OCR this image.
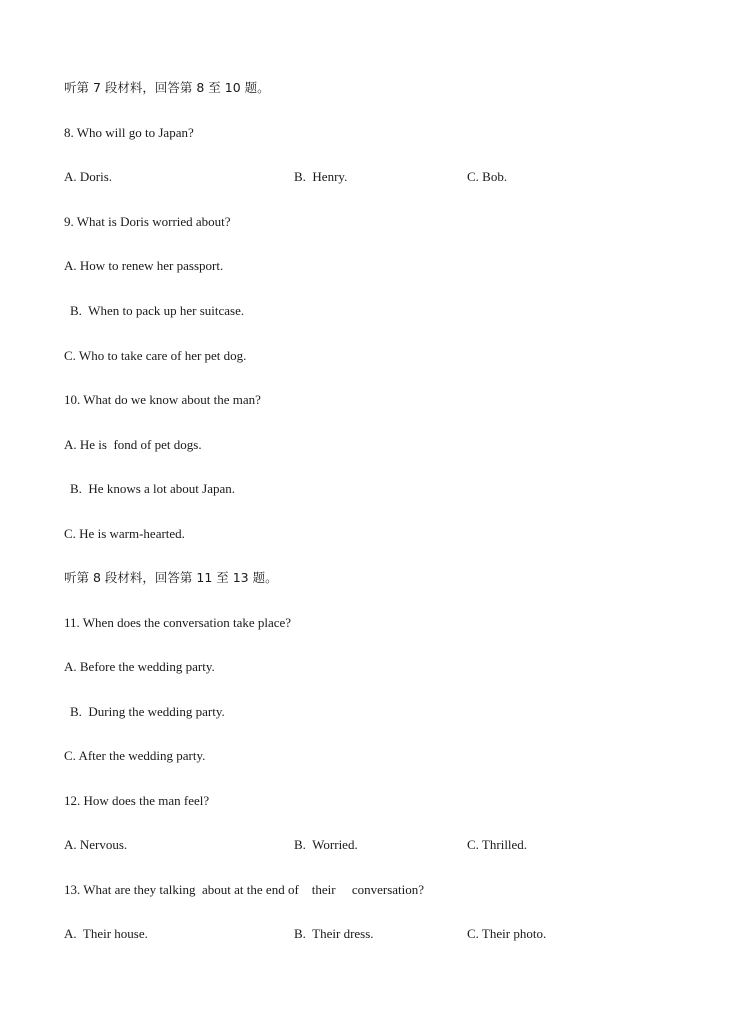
听第 7 段材料，回答第 8 至 10 题。
8. Who will go to Japan?
A. Doris.	B.  Henry.	C. Bob.
9. What is Doris worried about?
A. How to renew her passport.
B.  When to pack up her suitcase.
C. Who to take care of her pet dog.
10. What do we know about the man?
A. He is  fond of pet dogs.
B.  He knows a lot about Japan.
C. He is warm-hearted.
听第 8 段材料，回答第 11 至 13 题。
11. When does the conversation take place?
A. Before the wedding party.
B.  During the wedding party.
C. After the wedding party.
12. How does the man feel?
A. Nervous.	B.  Worried.	C. Thrilled.
13. What are they talking  about at the end of    their     conversation?
A.  Their house.	B.  Their dress.	C. Their photo.
